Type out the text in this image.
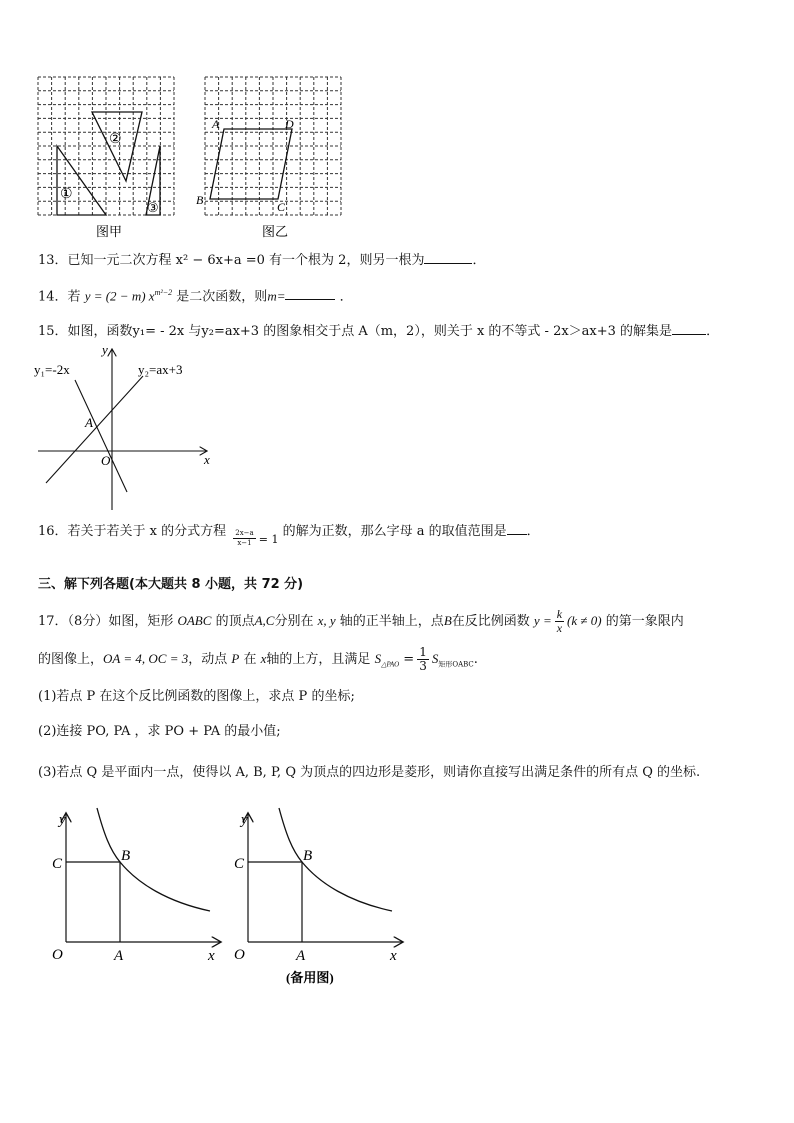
①
②
③
图甲
A	D
B	C
图乙
13．已知一元二次方程 x² − 6x+a =0 有一个根为 2，则另一根为	．
14．若 y = (2 − m) $x^{m^2-2}$ 是二次函数，则m=	．
15．如图，函数y₁= - 2x 与y₂=ax+3 的图象相交于点 A（m，2），则关于 x 的不等式 - 2x＞ax+3 的解集是	．
y₁=-2x	y₂=ax+3
y
x
O
A
16．若关于若关于 x 的分式方程 $\frac{2x-a}{x-1} _{= 1}$ 的解为正数，那么字母 a 的取值范围是 ．
三、解下列各题(本大题共 8 小题，共 72 分)
17．（8分）如图，矩形 OABC 的顶点A,C分别在 x, y 轴的正半轴上，点B在反比例函数 $y = \frac{k}{x} (k \ne 0)$ 的第一象限内
的图像上，OA = 4, OC = 3，动点 P 在 x轴的上方，且满足 $S_{\triangle PAO} = \frac{1}{3} S_{矩形OABC}$.
(1)若点 P 在这个反比例函数的图像上，求点 P 的坐标;
(2)连接 PO, PA ，求 PO + PA 的最小值;
(3)若点 Q 是平面内一点，使得以 A, B, P, Q 为顶点的四边形是菱形，则请你直接写出满足条件的所有点 Q 的坐标.
y
x
O
C	B
A
y
x
O
C	B
A
(备用图)
